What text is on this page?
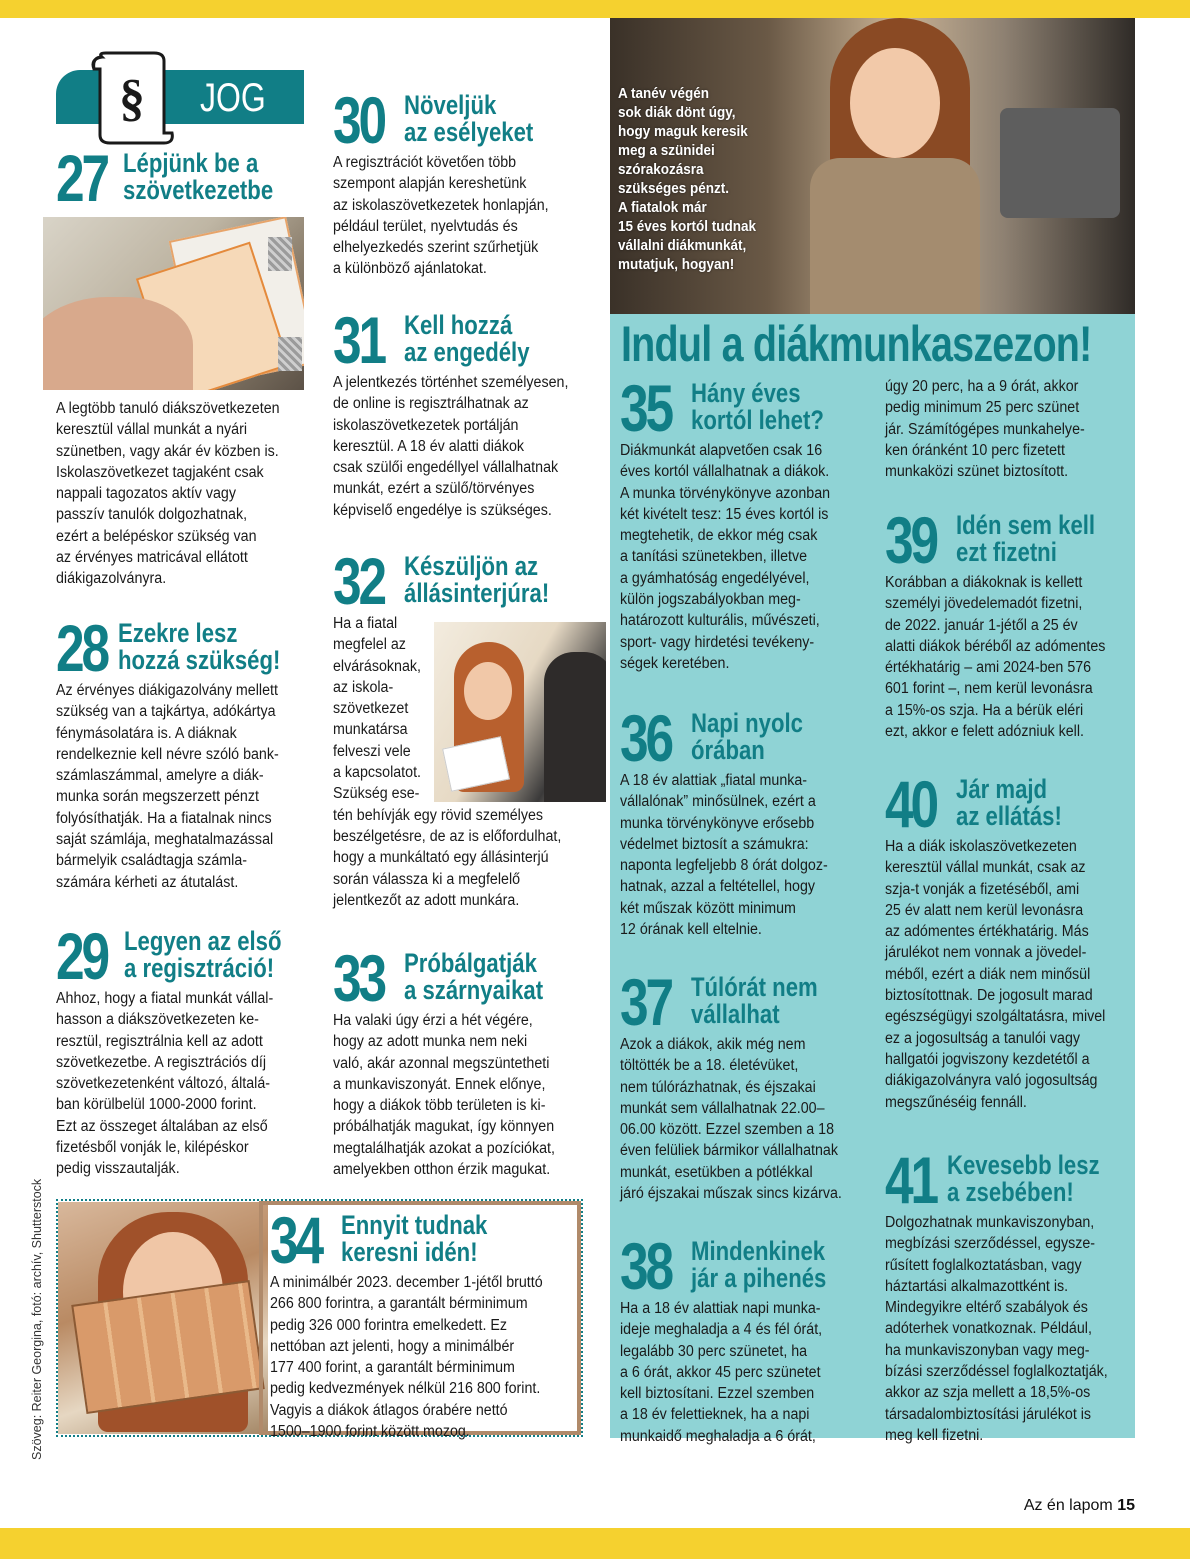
§ JOG
27 Lépjünk be a
szövetkezetbe
A legtöbb tanuló diákszövetkezeten
keresztül vállal munkát a nyári
szünetben, vagy akár év közben is.
Iskolaszövetkezet tagjaként csak
nappali tagozatos aktív vagy
passzív tanulók dolgozhatnak,
ezért a belépéskor szükség van
az érvényes matricával ellátott
diákigazolványra.
28 Ezekre lesz
hozzá szükség!
Az érvényes diákigazolvány mellett
szükség van a tajkártya, adókártya
fénymásolatára is. A diáknak
rendelkeznie kell névre szóló bank-
számlaszámmal, amelyre a diák-
munka során megszerzett pénzt
folyósíthatják. Ha a fiatalnak nincs
saját számlája, meghatalmazással
bármelyik családtagja számla-
számára kérheti az átutalást.
29 Legyen az első
a regisztráció!
Ahhoz, hogy a fiatal munkát vállal-
hasson a diákszövetkezeten ke-
resztül, regisztrálnia kell az adott
szövetkezetbe. A regisztrációs díj
szövetkezetenként változó, általá-
ban körülbelül 1000-2000 forint.
Ezt az összeget általában az első
fizetésből vonják le, kilépéskor
pedig visszautalják.
30 Növeljük
az esélyeket
A regisztrációt követően több
szempont alapján kereshetünk
az iskolaszövetkezetek honlapján,
például terület, nyelvtudás és
elhelyezkedés szerint szűrhetjük
a különböző ajánlatokat.
31 Kell hozzá
az engedély
A jelentkezés történhet személyesen,
de online is regisztrálhatnak az
iskolaszövetkezetek portálján
keresztül. A 18 év alatti diákok
csak szülői engedéllyel vállalhatnak
munkát, ezért a szülő/törvényes
képviselő engedélye is szükséges.
32 Készüljön az
állásinterjúra!
Ha a fiatal
megfelel az
elvárásoknak,
az iskola-
szövetkezet
munkatársa
felveszi vele
a kapcsolatot.
Szükség ese-
tén behívják egy rövid személyes
beszélgetésre, de az is előfordulhat,
hogy a munkáltató egy állásinterjú
során válassza ki a megfelelő
jelentkezőt az adott munkára.
33 Próbálgatják
a szárnyaikat
Ha valaki úgy érzi a hét végére,
hogy az adott munka nem neki
való, akár azonnal megszüntetheti
a munkaviszonyát. Ennek előnye,
hogy a diákok több területen is ki-
próbálhatják magukat, így könnyen
megtalálhatják azokat a pozíciókat,
amelyekben otthon érzik magukat.
34 Ennyit tudnak
keresni idén!
A minimálbér 2023. december 1-jétől bruttó
266 800 forintra, a garantált bérminimum
pedig 326 000 forintra emelkedett. Ez
nettóban azt jelenti, hogy a minimálbér
177 400 forint, a garantált bérminimum
pedig kedvezmények nélkül 216 800 forint.
Vagyis a diákok átlagos órabére nettó
1500–1900 forint között mozog.
A tanév végén
sok diák dönt úgy,
hogy maguk keresik
meg a szünidei
szórakozásra
szükséges pénzt.
A fiatalok már
15 éves kortól tudnak
vállalni diákmunkát,
mutatjuk, hogyan!
Indul a diákmunkaszezon!
35 Hány éves
kortól lehet?
Diákmunkát alapvetően csak 16
éves kortól vállalhatnak a diákok.
A munka törvénykönyve azonban
két kivételt tesz: 15 éves kortól is
megtehetik, de ekkor még csak
a tanítási szünetekben, illetve
a gyámhatóság engedélyével,
külön jogszabályokban meg-
határozott kulturális, művészeti,
sport- vagy hirdetési tevékeny-
ségek keretében.
36 Napi nyolc
órában
A 18 év alattiak „fiatal munka-
vállalónak” minősülnek, ezért a
munka törvénykönyve erősebb
védelmet biztosít a számukra:
naponta legfeljebb 8 órát dolgoz-
hatnak, azzal a feltétellel, hogy
két műszak között minimum
12 órának kell eltelnie.
37 Túlórát nem
vállalhat
Azok a diákok, akik még nem
töltötték be a 18. életévüket,
nem túlórázhatnak, és éjszakai
munkát sem vállalhatnak 22.00–
06.00 között. Ezzel szemben a 18
éven felüliek bármikor vállalhatnak
munkát, esetükben a pótlékkal
járó éjszakai műszak sincs kizárva.
38 Mindenkinek
jár a pihenés
Ha a 18 év alattiak napi munka-
ideje meghaladja a 4 és fél órát,
legalább 30 perc szünetet, ha
a 6 órát, akkor 45 perc szünetet
kell biztosítani. Ezzel szemben
a 18 év felettieknek, ha a napi
munkaidő meghaladja a 6 órát,
úgy 20 perc, ha a 9 órát, akkor
pedig minimum 25 perc szünet
jár. Számítógépes munkahelye-
ken óránként 10 perc fizetett
munkaközi szünet biztosított.
39 Idén sem kell
ezt fizetni
Korábban a diákoknak is kellett
személyi jövedelemadót fizetni,
de 2022. január 1-jétől a 25 év
alatti diákok béréből az adómentes
értékhatárig – ami 2024-ben 576
601 forint –, nem kerül levonásra
a 15%-os szja. Ha a bérük eléri
ezt, akkor e felett adózniuk kell.
40 Jár majd
az ellátás!
Ha a diák iskolaszövetkezeten
keresztül vállal munkát, csak az
szja-t vonják a fizetéséből, ami
25 év alatt nem kerül levonásra
az adómentes értékhatárig. Más
járulékot nem vonnak a jövedel-
méből, ezért a diák nem minősül
biztosítottnak. De jogosult marad
egészségügyi szolgáltatásra, mivel
ez a jogosultság a tanulói vagy
hallgatói jogviszony kezdetétől a
diákigazolványra való jogosultság
megszűnéséig fennáll.
41 Kevesebb lesz
a zsebében!
Dolgozhatnak munkaviszonyban,
megbízási szerződéssel, egysze-
rűsített foglalkoztatásban, vagy
háztartási alkalmazottként is.
Mindegyikre eltérő szabályok és
adóterhek vonatkoznak. Például,
ha munkaviszonyban vagy meg-
bízási szerződéssel foglalkoztatják,
akkor az szja mellett a 18,5%-os
társadalombiztosítási járulékot is
meg kell fizetni.
Szöveg: Reiter Georgina, fotó: archív, Shutterstock
Az én lapom 15
